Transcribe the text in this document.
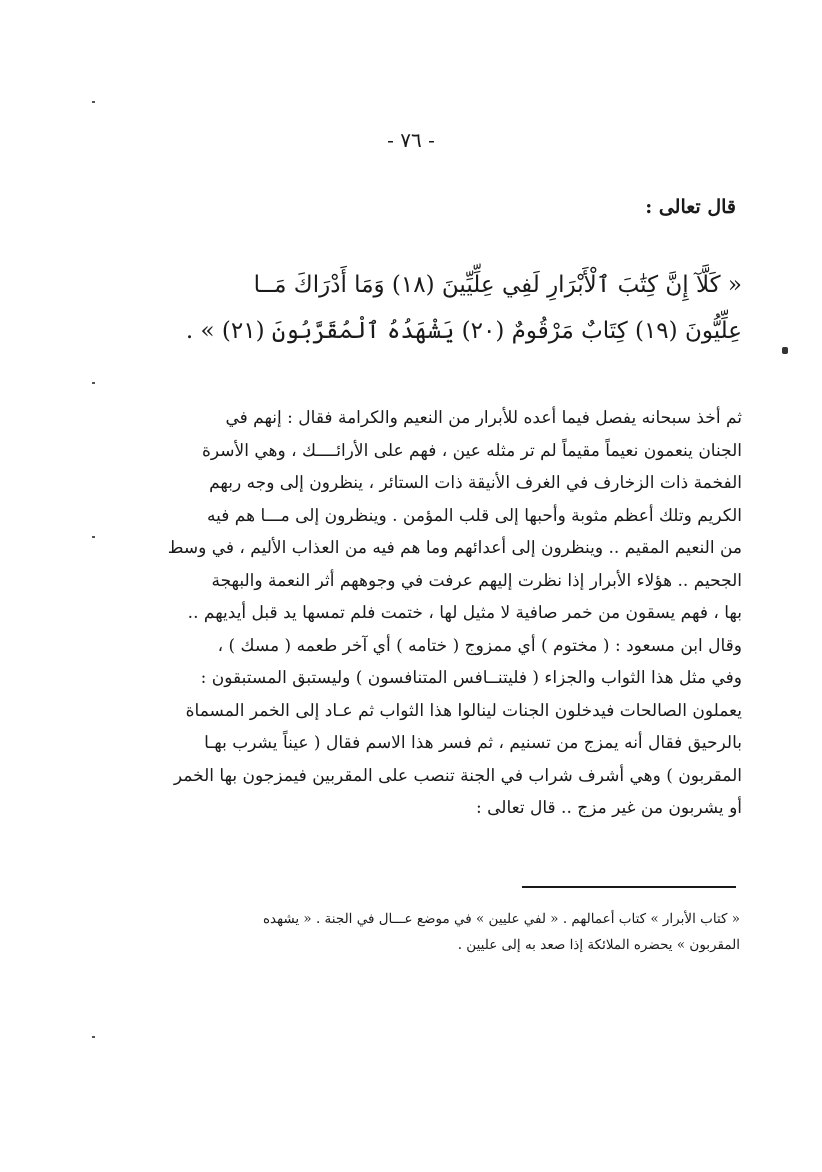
- ٧٦ -
قال تعالى :
« كَلَّآ إِنَّ كِتَٰبَ ٱلْأَبْرَارِ لَفِي عِلِّيِّينَ (١٨) وَمَا أَدْرَاكَ مَــا
عِلِّيُّونَ (١٩) كِتَابٌ مَرْقُومٌ (٢٠) يَشْهَدُهُ ٱلْمُقَرَّبُونَ (٢١) » .
ثم أخذ سبحانه يفصل فيما أعده للأبرار من النعيم والكرامة فقال : إنهم في
الجنان ينعمون نعيماً مقيماً لم تر مثله عين ، فهم على الأرائــــك ، وهي الأسرة
الفخمة ذات الزخارف في الغرف الأنيقة ذات الستائر ، ينظرون إلى وجه ربهم
الكريم وتلك أعظم مثوبة وأحبها إلى قلب المؤمن . وينظرون إلى مـــا هم فيه
من النعيم المقيم .. وينظرون إلى أعدائهم وما هم فيه من العذاب الأليم ، في وسط
الجحيم .. هؤلاء الأبرار إذا نظرت إليهم عرفت في وجوههم أثر النعمة والبهجة
بها ، فهم يسقون من خمر صافية لا مثيل لها ، ختمت فلم تمسها يد قبل أيديهم ..
وقال ابن مسعود : ( مختوم ) أي ممزوج ( ختامه ) أي آخر طعمه ( مسك ) ،
وفي مثل هذا الثواب والجزاء ( فليتنــافس المتنافسون ) وليستبق المستبقون :
يعملون الصالحات فيدخلون الجنات لينالوا هذا الثواب ثم عـاد إلى الخمر المسماة
بالرحيق فقال أنه يمزج من تسنيم ، ثم فسر هذا الاسم فقال ( عيناً يشرب بهـا
المقربون ) وهي أشرف شراب في الجنة تنصب على المقربين فيمزجون بها الخمر
أو يشربون من غير مزج .. قال تعالى :
« كتاب الأبرار » كتاب أعمالهم . « لفي عليين » في موضع عـــال في الجنة . « يشهده
المقربون » يحضره الملائكة إذا صعد به إلى عليين .
